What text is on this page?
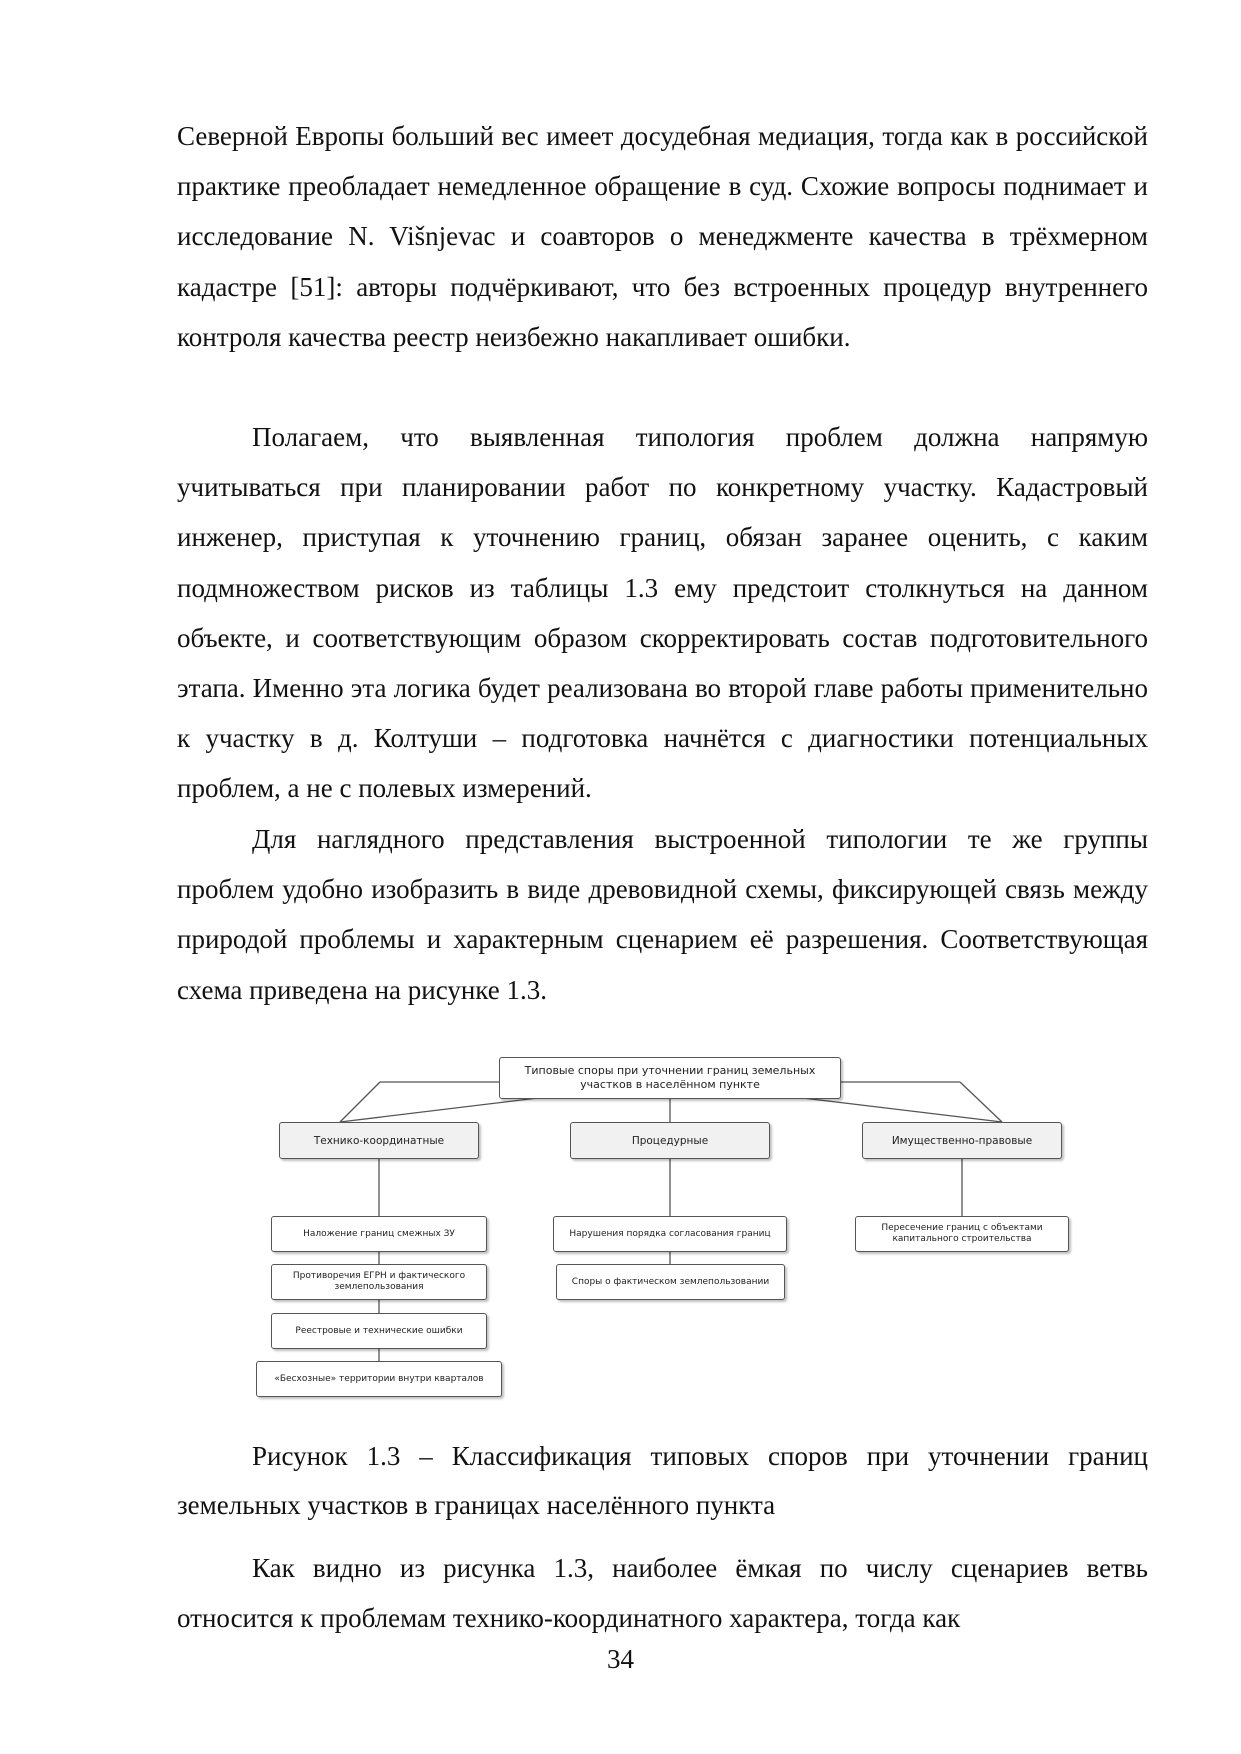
Северной Европы больший вес имеет досудебная медиация, тогда как в российской практике преобладает немедленное обращение в суд. Схожие вопросы поднимает и исследование N. Višnjevac и соавторов о менеджменте качества в трёхмерном кадастре [51]: авторы подчёркивают, что без встроенных процедур внутреннего контроля качества реестр неизбежно накапливает ошибки.

Полагаем, что выявленная типология проблем должна напрямую учитываться при планировании работ по конкретному участку. Кадастровый инженер, приступая к уточнению границ, обязан заранее оценить, с каким подмножеством рисков из таблицы 1.3 ему предстоит столкнуться на данном объекте, и соответствующим образом скорректировать состав подготовительного этапа. Именно эта логика будет реализована во второй главе работы применительно к участку в д. Колтуши – подготовка начнётся с диагностики потенциальных проблем, а не с полевых измерений.

Для наглядного представления выстроенной типологии те же группы проблем удобно изобразить в виде древовидной схемы, фиксирующей связь между природой проблемы и характерным сценарием её разрешения. Соответствующая схема приведена на рисунке 1.3.

Типовые споры при уточнении границ земельных участков в населённом пункте
Технико-координатные	Процедурные	Имущественно-правовые
Наложение границ смежных ЗУ
Противоречия ЕГРН и фактического землепользования
Реестровые и технические ошибки
«Бесхозные» территории внутри кварталов
Нарушения порядка согласования границ
Споры о фактическом землепользовании
Пересечение границ с объектами капитального строительства

Рисунок 1.3 – Классификация типовых споров при уточнении границ земельных участков в границах населённого пункта

Как видно из рисунка 1.3, наиболее ёмкая по числу сценариев ветвь относится к проблемам технико-координатного характера, тогда как

34
